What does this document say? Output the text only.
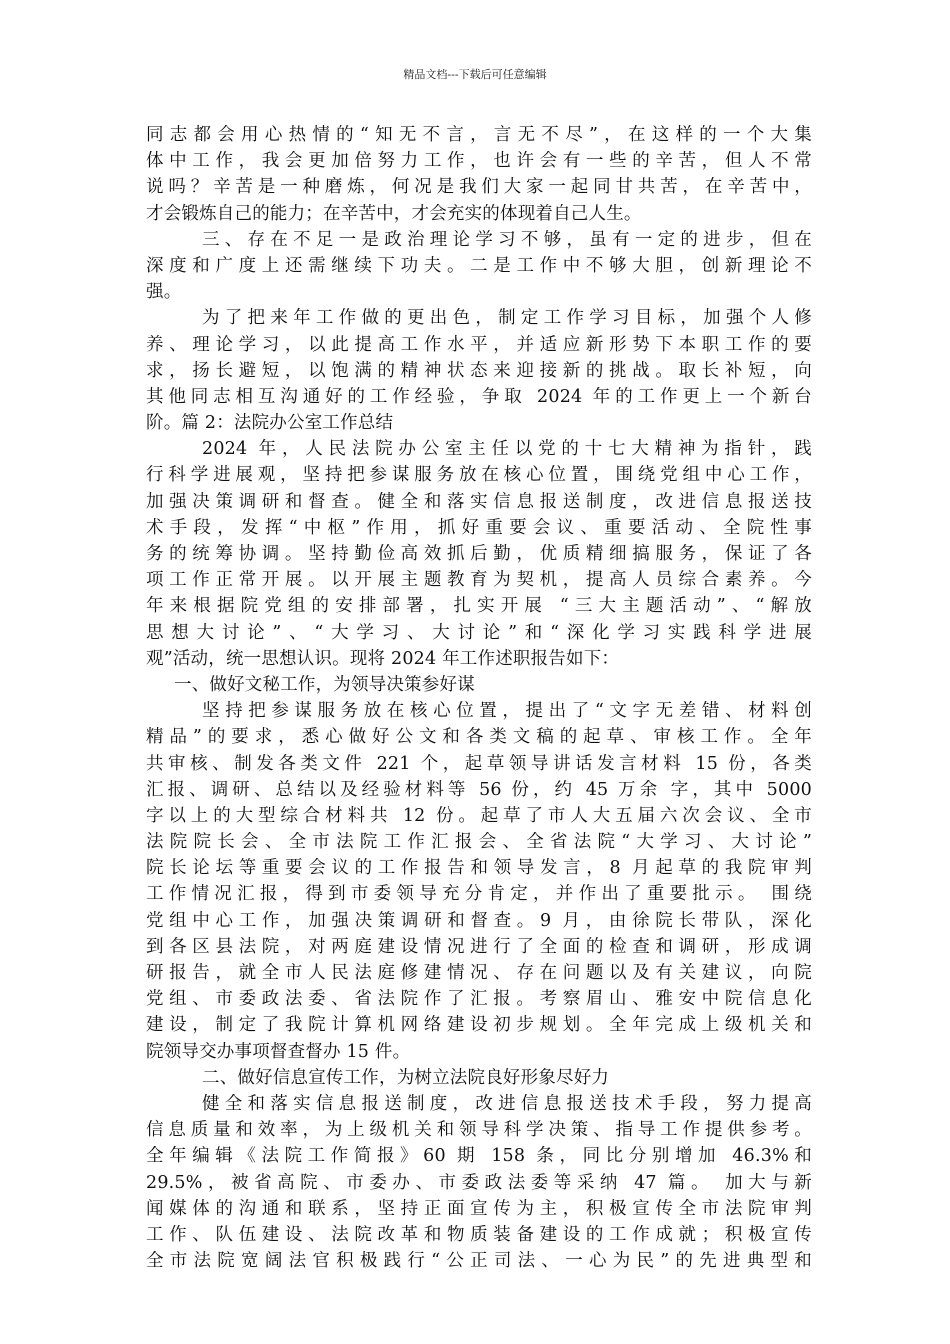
精品文档---下载后可任意编辑
同志都会用心热情的“知无不言，言无不尽”，在这样的一个大集
体中工作，我会更加倍努力工作，也许会有一些的辛苦，但人不常
说吗？辛苦是一种磨炼，何况是我们大家一起同甘共苦，在辛苦中，
才会锻炼自己的能力；在辛苦中，才会充实的体现着自己人生。
三、存在不足一是政治理论学习不够，虽有一定的进步，但在
深度和广度上还需继续下功夫。二是工作中不够大胆，创新理论不
强。
为了把来年工作做的更出色，制定工作学习目标，加强个人修
养、理论学习，以此提高工作水平，并适应新形势下本职工作的要
求，扬长避短，以饱满的精神状态来迎接新的挑战。取长补短，向
其他同志相互沟通好的工作经验，争取 2024 年的工作更上一个新台
阶。篇 2：法院办公室工作总结
2024 年，人民法院办公室主任以党的十七大精神为指针，践
行科学进展观，坚持把参谋服务放在核心位置，围绕党组中心工作，
加强决策调研和督查。健全和落实信息报送制度，改进信息报送技
术手段，发挥“中枢”作用，抓好重要会议、重要活动、全院性事
务的统筹协调。坚持勤俭高效抓后勤，优质精细搞服务，保证了各
项工作正常开展。以开展主题教育为契机，提高人员综合素养。今
年来根据院党组的安排部署，扎实开展 “三大主题活动”、“解放
思想大讨论”、“大学习、大讨论”和“深化学习实践科学进展
观”活动，统一思想认识。现将 2024 年工作述职报告如下：
一、做好文秘工作，为领导决策参好谋
坚持把参谋服务放在核心位置，提出了“文字无差错、材料创
精品”的要求，悉心做好公文和各类文稿的起草、审核工作。全年
共审核、制发各类文件 221 个，起草领导讲话发言材料 15 份，各类
汇报、调研、总结以及经验材料等 56 份，约 45 万余 字，其中 5000
字以上的大型综合材料共 12 份。起草了市人大五届六次会议、全市
法院院长会、全市法院工作汇报会、全省法院“大学习、大讨论”
院长论坛等重要会议的工作报告和领导发言，8 月起草的我院审判
工作情况汇报，得到市委领导充分肯定，并作出了重要批示。 围绕
党组中心工作，加强决策调研和督查。9 月，由徐院长带队，深化
到各区县法院，对两庭建设情况进行了全面的检查和调研，形成调
研报告，就全市人民法庭修建情况、存在问题以及有关建议，向院
党组、市委政法委、省法院作了汇报。考察眉山、雅安中院信息化
建设，制定了我院计算机网络建设初步规划。全年完成上级机关和
院领导交办事项督查督办 15 件。
二、做好信息宣传工作，为树立法院良好形象尽好力
健全和落实信息报送制度，改进信息报送技术手段，努力提高
信息质量和效率，为上级机关和领导科学决策、指导工作提供参考。
全年编辑《法院工作简报》60 期 158 条，同比分别增加 46.3%和
29.5%，被省高院、市委办、市委政法委等采纳 47 篇。 加大与新
闻媒体的沟通和联系，坚持正面宣传为主，积极宣传全市法院审判
工作、队伍建设、法院改革和物质装备建设的工作成就；积极宣传
全市法院宽阔法官积极践行“公正司法、一心为民”的先进典型和
